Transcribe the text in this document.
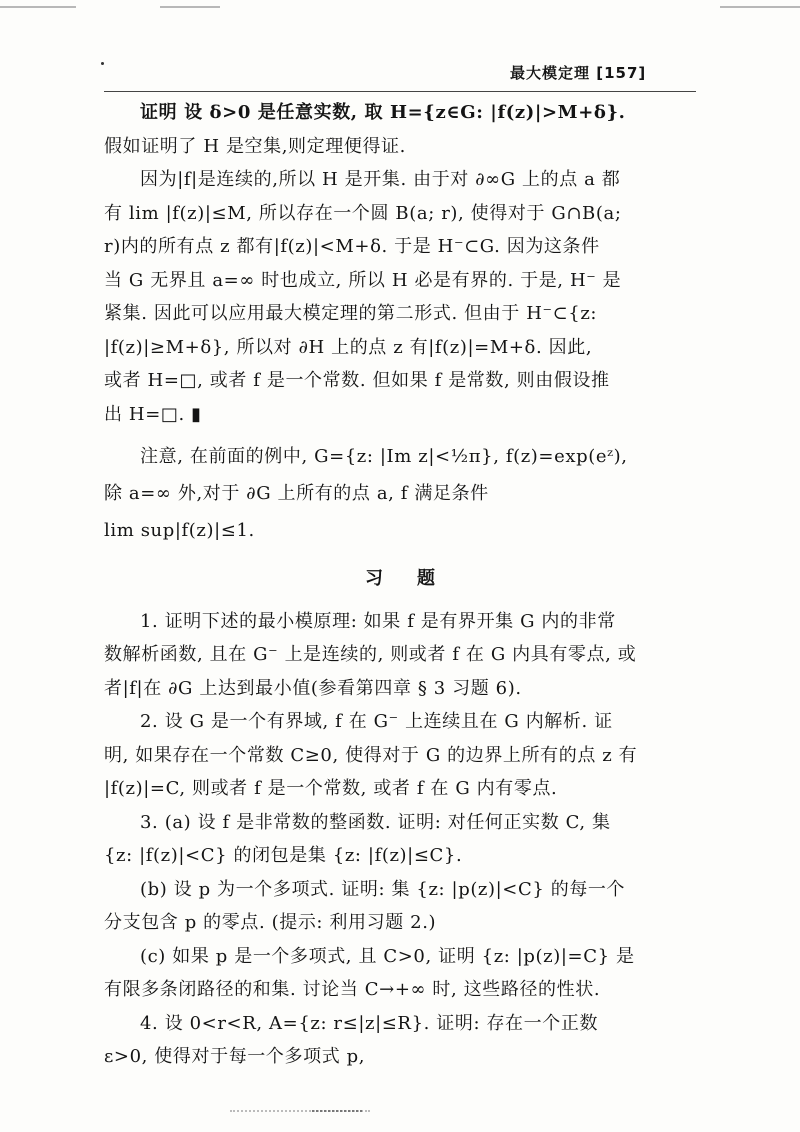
最大模定理 [157]

证明 设 δ>0 是任意实数, 取 H={z∈G: |f(z)|>M+δ}.

假如证明了 H 是空集,则定理便得证.

因为|f|是连续的,所以 H 是开集. 由于对 ∂∞G 上的点 a 都

有 lim |f(z)|≤M, 所以存在一个圆 B(a; r), 使得对于 G∩B(a;

r)内的所有点 z 都有|f(z)|<M+δ. 于是 H⁻⊂G. 因为这条件

当 G 无界且 a=∞ 时也成立, 所以 H 必是有界的. 于是, H⁻ 是

紧集. 因此可以应用最大模定理的第二形式. 但由于 H⁻⊂{z:

|f(z)|≥M+δ}, 所以对 ∂H 上的点 z 有|f(z)|=M+δ. 因此,

或者 H=□, 或者 f 是一个常数. 但如果 f 是常数, 则由假设推

出 H=□. ▮

注意, 在前面的例中, G={z: |Im z|<½π}, f(z)=exp(eᶻ),

除 a=∞ 外,对于 ∂G 上所有的点 a, f 满足条件

lim sup|f(z)|≤1.

习题

1. 证明下述的最小模原理: 如果 f 是有界开集 G 内的非常

数解析函数, 且在 G⁻ 上是连续的, 则或者 f 在 G 内具有零点, 或

者|f|在 ∂G 上达到最小值(参看第四章 § 3 习题 6).

2. 设 G 是一个有界域, f 在 G⁻ 上连续且在 G 内解析. 证

明, 如果存在一个常数 C≥0, 使得对于 G 的边界上所有的点 z 有

|f(z)|=C, 则或者 f 是一个常数, 或者 f 在 G 内有零点.

3. (a) 设 f 是非常数的整函数. 证明: 对任何正实数 C, 集

{z: |f(z)|<C} 的闭包是集 {z: |f(z)|≤C}.

(b) 设 p 为一个多项式. 证明: 集 {z: |p(z)|<C} 的每一个

分支包含 p 的零点. (提示: 利用习题 2.)

(c) 如果 p 是一个多项式, 且 C>0, 证明 {z: |p(z)|=C} 是

有限多条闭路径的和集. 讨论当 C→+∞ 时, 这些路径的性状.

4. 设 0<r<R, A={z: r≤|z|≤R}. 证明: 存在一个正数

ε>0, 使得对于每一个多项式 p,
